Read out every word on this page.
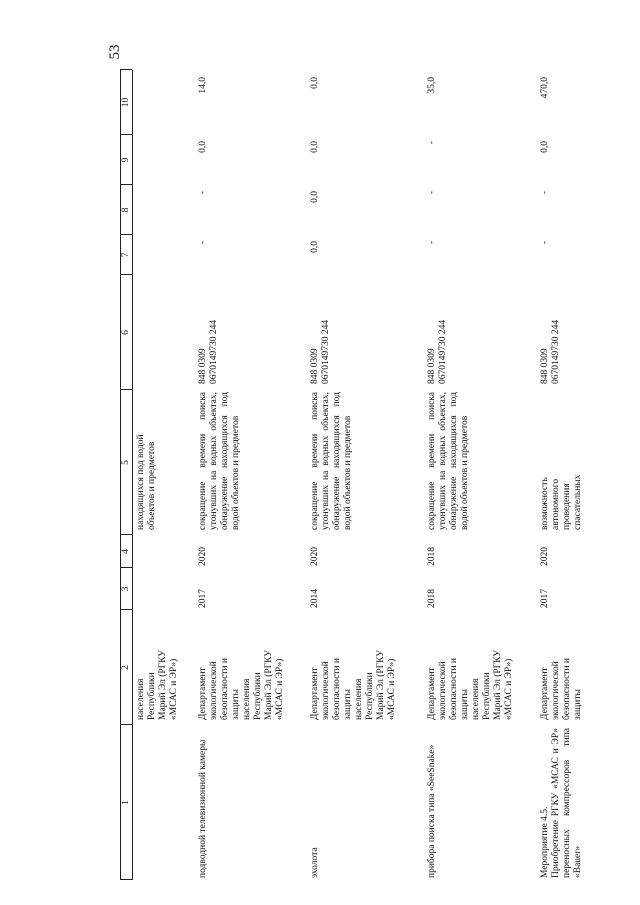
53
1
2
3
4
5
6
7
8
9
10
населения
Республики
Марий Эл (РГКУ
«МСАС и ЭР»)
находящихся под водой
объектов и предметов
подводной телевизионной камеры
Департамент
экологической
безопасности и
защиты
населения
Республики
Марий Эл (РГКУ
«МСАС и ЭР»)
2017
2020
сокращение времени поиска утонувших на водных объектах, обнаружение находящихся под водой объектов и предметов
848 0309
0670149730 244
-
-
0,0
14,0
эхолота
Департамент
экологической
безопасности и
защиты
населения
Республики
Марий Эл (РГКУ
«МСАС и ЭР»)
2014
2020
сокращение времени поиска утонувших на водных объектах, обнаружение находящихся под водой объектов и предметов
848 0309
0670149730 244
0,0
0,0
0,0
0,0
прибора поиска типа «SeeSnake»
Департамент
экологической
безопасности и
защиты
населения
Республики
Марий Эл (РГКУ
«МСАС и ЭР»)
2018
2018
сокращение времени поиска утонувших на водных объектах, обнаружение находящихся под водой объектов и предметов
848 0309
0670149730 244
-
-
-
35,0
Мероприятие 4.5.
Приобретение РГКУ «МСАС и ЭР» переносных компрессоров типа «Bauer»
Департамент
экологической
безопасности и
защиты
2017
2020
возможность
автономного
проведения
спасательных
848 0309
0670149730 244
-
-
0,0
470,0
